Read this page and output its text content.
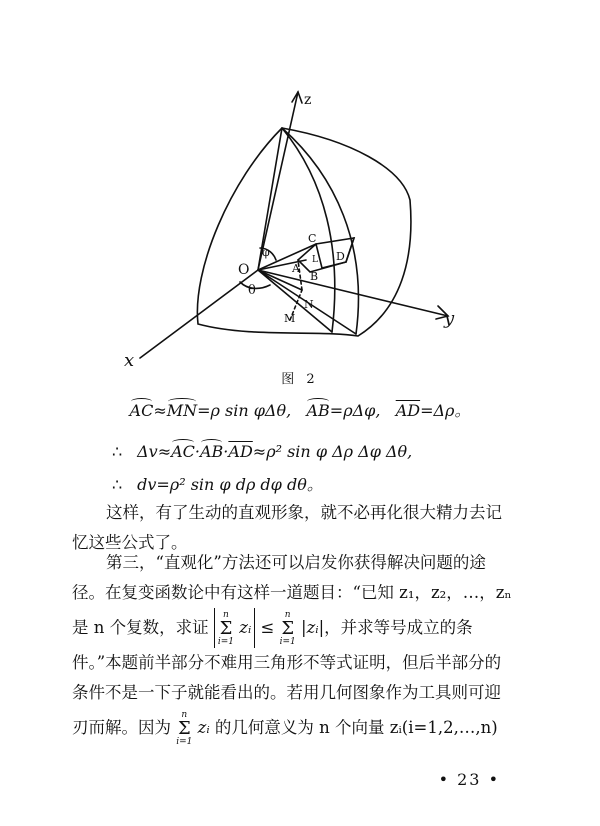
z
x
y
O
C
D
A
B
L
M
N
θ
φ
图 2
AC≈MN=ρ sin φΔθ, AB=ρΔφ, $\overline{AD}=\Delta\rho$。
∴ $\Delta v\approx AC\cdot AB\cdot\overline{AD}\approx\rho^2$ sin φ Δρ Δφ Δθ,
∴ dv=ρ² sin φ dρ dφ dθ。
这样，有了生动的直观形象，就不必再化很大精力去记
忆这些公式了。
第三，“直观化”方法还可以启发你获得解决问题的途
径。在复变函数论中有这样一道题目：“已知 z₁，z₂，…，zₙ
是 n 个复数，求证
n
Σ
i=1
zᵢ ≤
n
Σ
i=1
|zᵢ|，并求等号成立的条
件。”本题前半部分不难用三角形不等式证明，但后半部分的
条件不是一下子就能看出的。若用几何图象作为工具则可迎
刃而解。因为
n
Σ
i=1
zᵢ 的几何意义为 n 个向量 zᵢ(i=1,2,…,n)
• 23 •
